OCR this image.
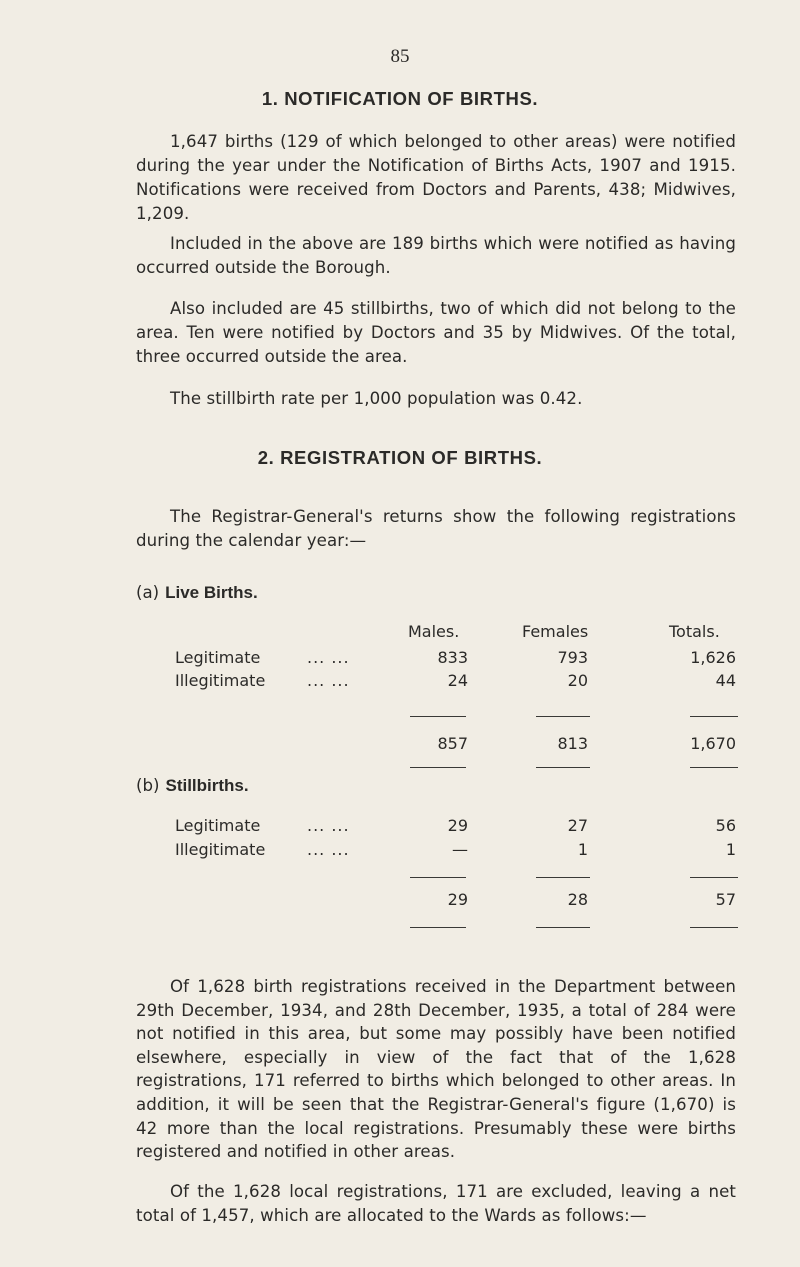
85
1. NOTIFICATION OF BIRTHS.
1,647 births (129 of which belonged to other areas) were notified during the year under the Notification of Births Acts, 1907 and 1915. Notifications were received from Doctors and Parents, 438; Midwives, 1,209.
Included in the above are 189 births which were notified as having occurred outside the Borough.
Also included are 45 stillbirths, two of which did not belong to the area. Ten were notified by Doctors and 35 by Midwives. Of the total, three occurred outside the area.
The stillbirth rate per 1,000 population was 0.42.
2. REGISTRATION OF BIRTHS.
The Registrar-General's returns show the following registrations during the calendar year:—
(a) Live Births.
Males.	Females	Totals.
Legitimate	... ...	833	793	1,626
Illegitimate	... ...	24	20	44
857	813	1,670
(b) Stillbirths.
Legitimate	... ...	29	27	56
Illegitimate	... ...	—	1	1
29	28	57
Of 1,628 birth registrations received in the Department between 29th December, 1934, and 28th December, 1935, a total of 284 were not notified in this area, but some may possibly have been notified elsewhere, especially in view of the fact that of the 1,628 registrations, 171 referred to births which belonged to other areas. In addition, it will be seen that the Registrar-General's figure (1,670) is 42 more than the local registrations. Presumably these were births registered and notified in other areas.
Of the 1,628 local registrations, 171 are excluded, leaving a net total of 1,457, which are allocated to the Wards as follows:—
